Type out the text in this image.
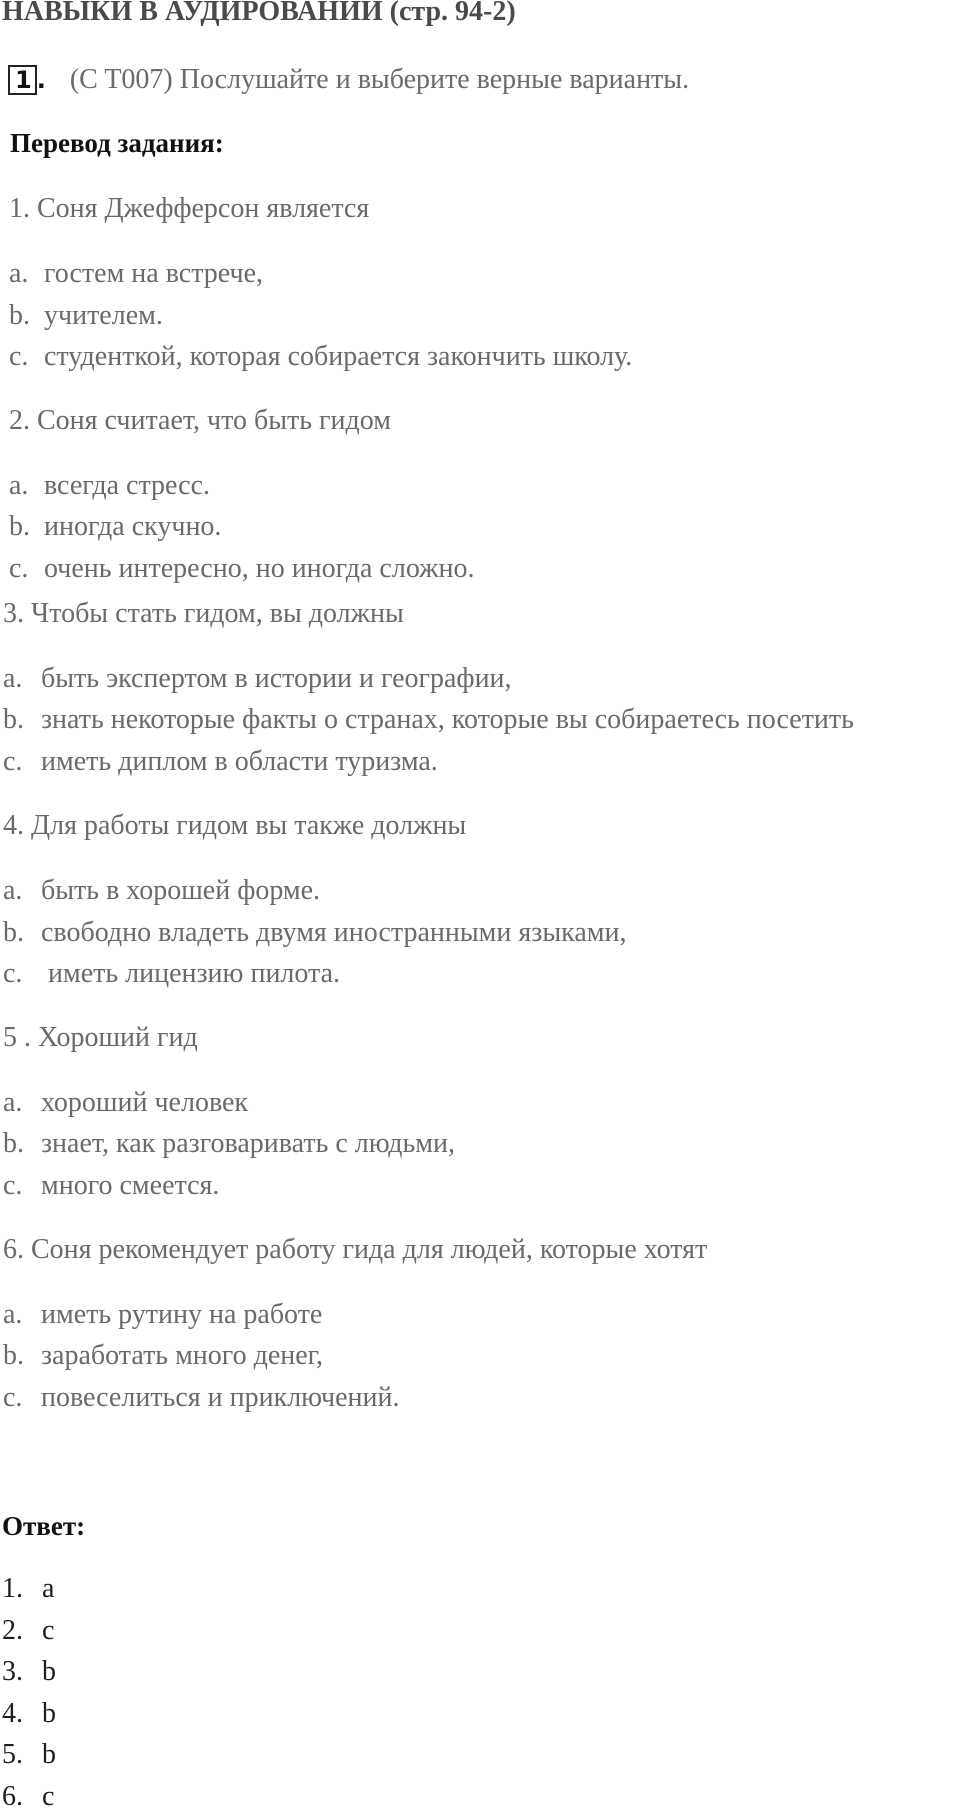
НАВЫКИ В АУДИРОВАНИИ (стр. 94-2)
1 . (C T007) Послушайте и выберите верные варианты.
Перевод задания:
1. Соня Джефферсон является
a. гостем на встрече,
b. учителем.
c. студенткой, которая собирается закончить школу.
2. Соня считает, что быть гидом
a. всегда стресс.
b. иногда скучно.
c. очень интересно, но иногда сложно.
3. Чтобы стать гидом, вы должны
a. быть экспертом в истории и географии,
b. знать некоторые факты о странах, которые вы собираетесь посетить
c. иметь диплом в области туризма.
4. Для работы гидом вы также должны
a. быть в хорошей форме.
b. свободно владеть двумя иностранными языками,
c. иметь лицензию пилота.
5 . Хороший гид
a. хороший человек
b. знает, как разговаривать с людьми,
c. много смеется.
6. Соня рекомендует работу гида для людей, которые хотят
a. иметь рутину на работе
b. заработать много денег,
c. повеселиться и приключений.
Ответ:
1. a
2. c
3. b
4. b
5. b
6. c
